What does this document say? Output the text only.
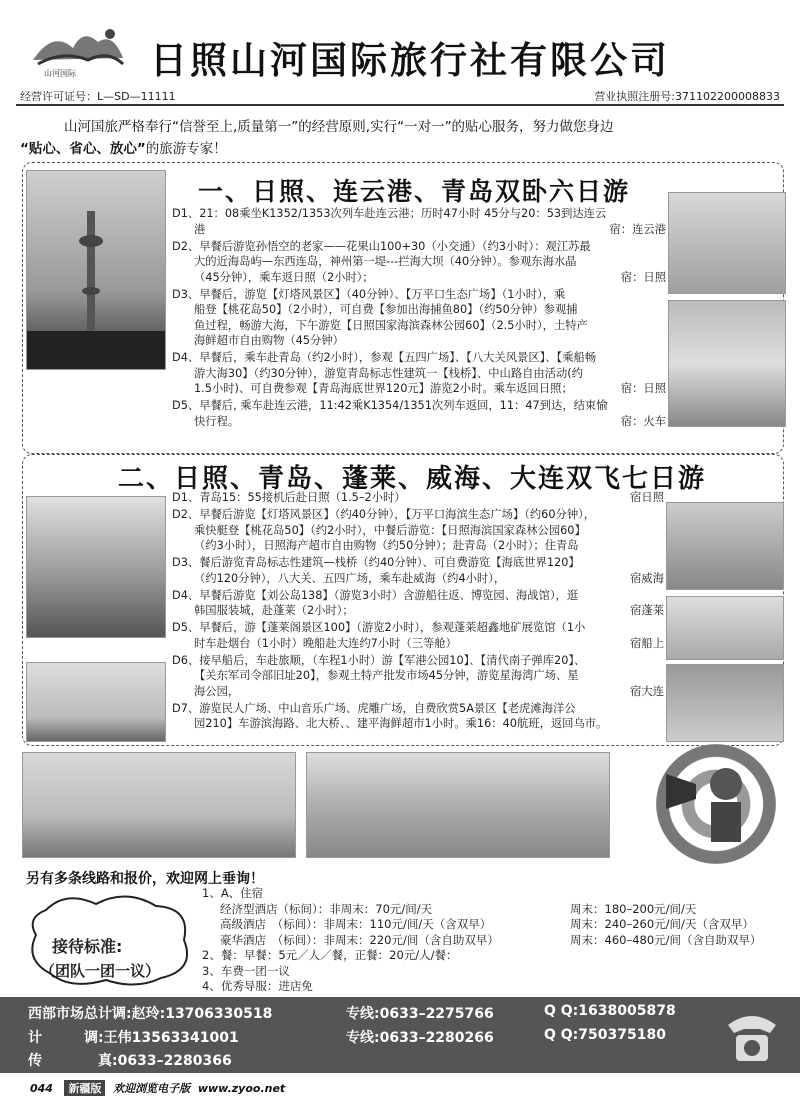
山河国际 日照山河国际旅行社有限公司
经营许可证号：L—SD—11111	营业执照注册号:371102200008833
山河国旅严格奉行“信誉至上,质量第一”的经营原则,实行“一对一”的贴心服务，努力做您身边
“贴心、省心、放心”的旅游专家！
一、日照、连云港、青岛双卧六日游
D1、21：08乘坐K1352/1353次列车赴连云港；历时47小时 45分与20：53到达连云
港	宿：连云港
D2、早餐后游览孙悟空的老家——花果山100+30（小交通）（约3小时）：观江苏最
大的近海岛屿—东西连岛，神州第一堤---拦海大坝（40分钟）。参观东海水晶
（45分钟），乘车返日照（2小时）；	宿：日照
D3、早餐后，游览【灯塔风景区】（40分钟）、【万平口生态广场】（1小时），乘
船登【桃花岛50】（2小时），可自费【参加出海捕鱼80】（约50分钟）参观捕
鱼过程，畅游大海，下午游览【日照国家海滨森林公园60】（2.5小时），土特产
海鲜超市自由购物（45分钟）
D4、早餐后，乘车赴青岛（约2小时），参观【五四广场】、【八大关风景区】、【乘船畅
游大海30】（约30分钟），游览青岛标志性建筑一【栈桥】、中山路自由活动(约
1.5小时)、可自费参观【青岛海底世界120元】游览2小时。乘车返回日照；	宿：日照
D5、早餐后, 乘车赴连云港，11:42乘K1354/1351次列车返回，11：47到达，结束愉
快行程。	宿：火车
二、日照、青岛、蓬莱、威海、大连双飞七日游
D1、青岛15：55接机后赴日照（1.5–2小时）	宿日照
D2、早餐后游览【灯塔风景区】（约40分钟），【万平口海滨生态广场】（约60分钟），
乘快艇登【桃花岛50】（约2小时），中餐后游览：【日照海滨国家森林公园60】
（约3小时），日照海产超市自由购物（约50分钟）；赴青岛（2小时）；住青岛
D3、餐后游览青岛标志性建筑—栈桥（约40分钟）、可自费游览【海底世界120】
（约120分钟），八大关、五四广场，乘车赴威海（约4小时），	宿威海
D4、早餐后游览【刘公岛138】（游览3小时）含游船往返、博览园、海战馆），逛
韩国服装城，赴蓬莱（2小时）；	宿蓬莱
D5、早餐后，游【蓬莱阁景区100】（游览2小时），参观蓬莱超鑫地矿展览馆（1小
时车赴烟台（1小时）晚船赴大连约7小时（三等舱）	宿船上
D6、接早船后，车赴旅顺，（车程1小时）游【军港公园10】、【清代南子弹库20】、
【关东军司令部旧址20】，参观土特产批发市场45分钟，游览星海湾广场、星
海公园，	宿大连
D7、游览民人广场、中山音乐广场、虎雕广场，自费欣赏5A景区【老虎滩海洋公
园210】车游滨海路、北大桥、、建平海鲜超市1小时。乘16：40航班，返回乌市。
另有多条线路和报价，欢迎网上垂询！
接待标准:
（团队一团一议）
1、A、住宿
经济型酒店（标间）：非周末：70元/间/天	周末：180–200元/间/天
高级酒店　（标间）：非周末：110元/间/天（含双早）	周末：240–260元/间/天（含双早）
豪华酒店　（标间）：非周末：220元/间（含自助双早）	周末：460–480元/间（含自助双早）
2、餐：早餐：5元／人／餐，正餐：20元/人/餐：
3、车费一团一议
4、优秀导服：进店免
西部市场总计调:赵玲:13706330518	专线:0633–2275766	Q Q:1638005878
计　　　调:王伟13563341001	专线:0633–2280266	Q Q:750375180
传　　　　真:0633–2280366
044 新疆版 欢迎浏览电子版 www.zyoo.net
